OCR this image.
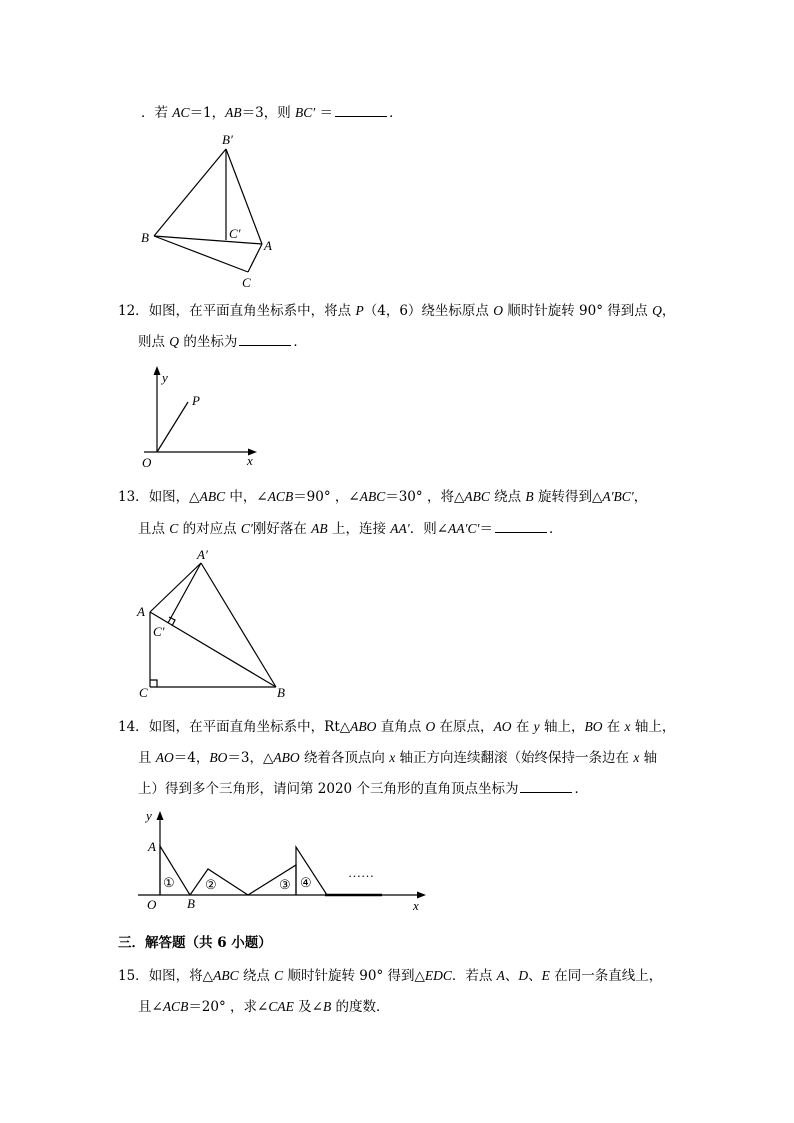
．若 AC＝1，AB＝3，则 BC′ ＝	．
B′
B	C′
A
C
12．如图，在平面直角坐标系中，将点 P（4，6）绕坐标原点 O 顺时针旋转 90° 得到点 Q，
则点 Q 的坐标为	．
y
P
O	x
13．如图，△ABC 中，∠ACB＝90° ，∠ABC＝30° ，将△ABC 绕点 B 旋转得到△A′BC′，
且点 C 的对应点 C′刚好落在 AB 上，连接 AA′．则∠AA′C′＝	．
A′
A
C′
C	B
14．如图，在平面直角坐标系中，Rt△ABO 直角点 O 在原点，AO 在 y 轴上，BO 在 x 轴上，
且 AO＝4，BO＝3，△ABO 绕着各顶点向 x 轴正方向连续翻滚（始终保持一条边在 x 轴
上）得到多个三角形，请问第 2020 个三角形的直角顶点坐标为	．
y
A
O B	x
① ②	③ ④
……
三．解答题（共 6 小题）
15．如图，将△ABC 绕点 C 顺时针旋转 90° 得到△EDC．若点 A、D、E 在同一条直线上，
且∠ACB＝20° ，求∠CAE 及∠B 的度数．
